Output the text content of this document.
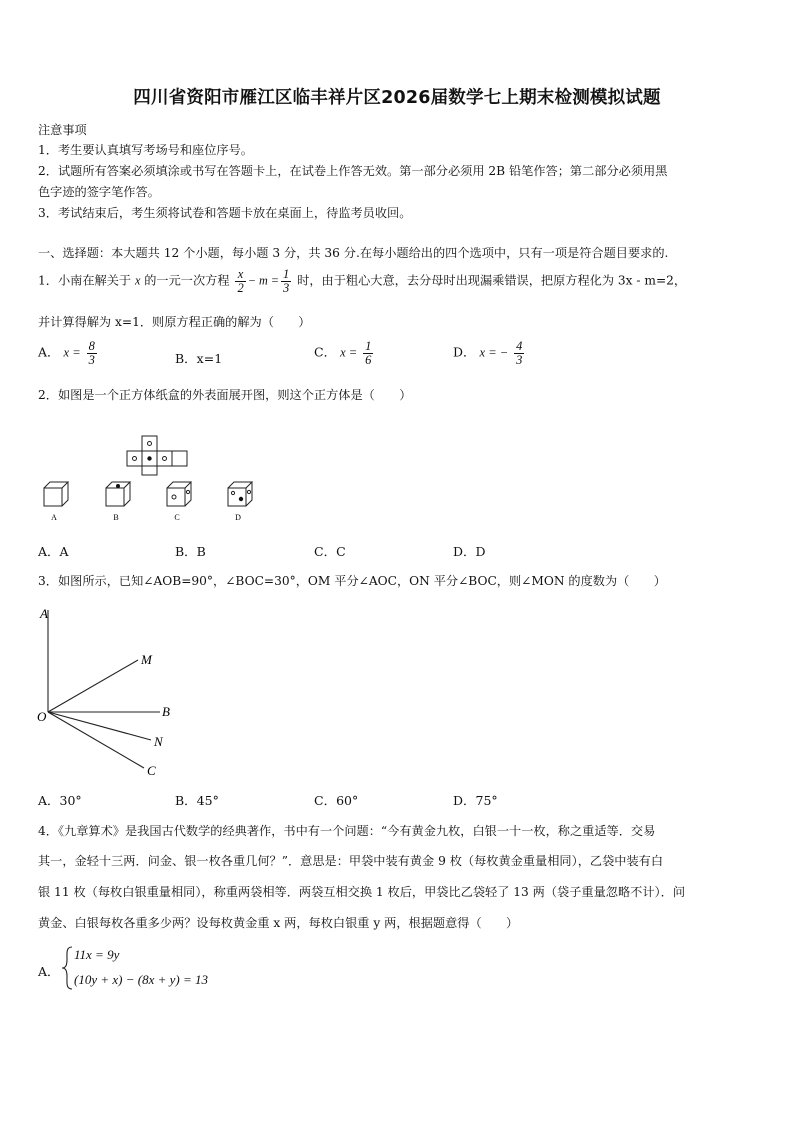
四川省资阳市雁江区临丰祥片区2026届数学七上期末检测模拟试题
注意事项
1．考生要认真填写考场号和座位序号。
2．试题所有答案必须填涂或书写在答题卡上，在试卷上作答无效。第一部分必须用 2B 铅笔作答；第二部分必须用黑
色字迹的签字笔作答。
3．考试结束后，考生须将试卷和答题卡放在桌面上，待监考员收回。
一、选择题：本大题共 12 个小题，每小题 3 分，共 36 分.在每小题给出的四个选项中，只有一项是符合题目要求的.
1．小南在解关于 x 的一元一次方程 $\frac{x}{2} - m = \frac{1}{3}$ 时，由于粗心大意，去分母时出现漏乘错误，把原方程化为 3x - m=2，
并计算得解为 x=1．则原方程正确的解为（　　）
A． $x = \frac{8}{3}$	B．x=1	C． $x = \frac{1}{6}$	D． x = − $\frac{4}{3}$
2．如图是一个正方体纸盒的外表面展开图，则这个正方体是（　　）
A	B	C	D
A．A	B．B	C．C	D．D
3．如图所示，已知∠AOB=90°，∠BOC=30°，OM 平分∠AOC，ON 平分∠BOC，则∠MON 的度数为（　　）
A
M
O	B
N
C
A．30°	B．45°	C．60°	D．75°
4．《九章算术》是我国古代数学的经典著作，书中有一个问题：“今有黄金九枚，白银一十一枚，称之重适等．交易
其一，金轻十三两．问金、银一枚各重几何？”．意思是：甲袋中装有黄金 9 枚（每枚黄金重量相同），乙袋中装有白
银 11 枚（每枚白银重量相同），称重两袋相等．两袋互相交换 1 枚后，甲袋比乙袋轻了 13 两（袋子重量忽略不计）．问
黄金、白银每枚各重多少两？设每枚黄金重 x 两，每枚白银重 y 两，根据题意得（　　）
A．
11x = 9y
(10y + x) − (8x + y) = 13
